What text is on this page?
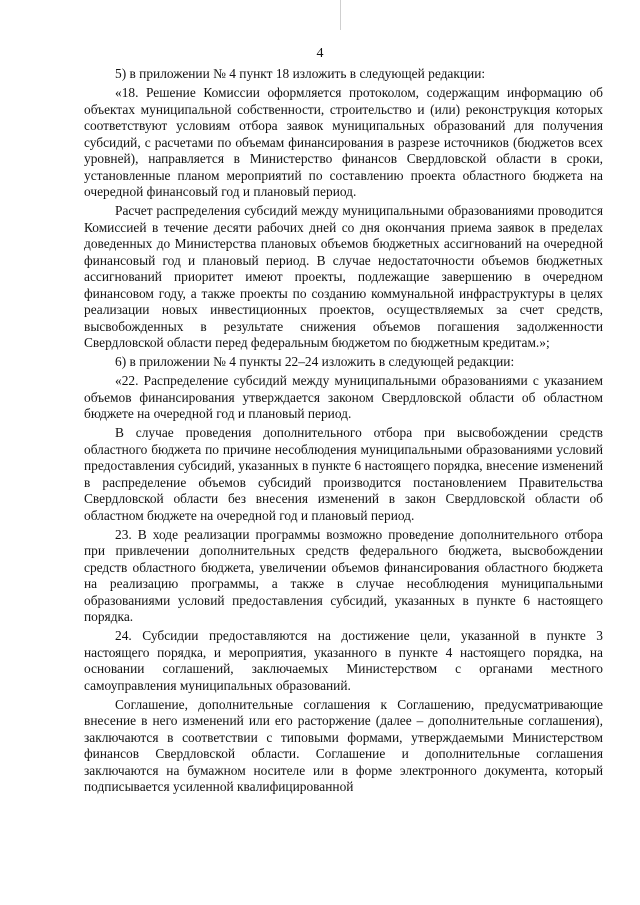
4

5) в приложении № 4 пункт 18 изложить в следующей редакции:

«18. Решение Комиссии оформляется протоколом, содержащим информацию об объектах муниципальной собственности, строительство и (или) реконструкция которых соответствуют условиям отбора заявок муниципальных образований для получения субсидий, с расчетами по объемам финансирования в разрезе источников (бюджетов всех уровней), направляется в Министерство финансов Свердловской области в сроки, установленные планом мероприятий по составлению проекта областного бюджета на очередной финансовый год и плановый период.

Расчет распределения субсидий между муниципальными образованиями проводится Комиссией в течение десяти рабочих дней со дня окончания приема заявок в пределах доведенных до Министерства плановых объемов бюджетных ассигнований на очередной финансовый год и плановый период. В случае недостаточности объемов бюджетных ассигнований приоритет имеют проекты, подлежащие завершению в очередном финансовом году, а также проекты по созданию коммунальной инфраструктуры в целях реализации новых инвестиционных проектов, осуществляемых за счет средств, высвобожденных в результате снижения объемов погашения задолженности Свердловской области перед федеральным бюджетом по бюджетным кредитам.»;

6) в приложении № 4 пункты 22–24 изложить в следующей редакции:

«22. Распределение субсидий между муниципальными образованиями с указанием объемов финансирования утверждается законом Свердловской области об областном бюджете на очередной год и плановый период.

В случае проведения дополнительного отбора при высвобождении средств областного бюджета по причине несоблюдения муниципальными образованиями условий предоставления субсидий, указанных в пункте 6 настоящего порядка, внесение изменений в распределение объемов субсидий производится постановлением Правительства Свердловской области без внесения изменений в закон Свердловской области об областном бюджете на очередной год и плановый период.

23. В ходе реализации программы возможно проведение дополнительного отбора при привлечении дополнительных средств федерального бюджета, высвобождении средств областного бюджета, увеличении объемов финансирования областного бюджета на реализацию программы, а также в случае несоблюдения муниципальными образованиями условий предоставления субсидий, указанных в пункте 6 настоящего порядка.

24. Субсидии предоставляются на достижение цели, указанной в пункте 3 настоящего порядка, и мероприятия, указанного в пункте 4 настоящего порядка, на основании соглашений, заключаемых Министерством с органами местного самоуправления муниципальных образований.

Соглашение, дополнительные соглашения к Соглашению, предусматривающие внесение в него изменений или его расторжение (далее – дополнительные соглашения), заключаются в соответствии с типовыми формами, утверждаемыми Министерством финансов Свердловской области. Соглашение и дополнительные соглашения заключаются на бумажном носителе или в форме электронного документа, который подписывается усиленной квалифицированной
